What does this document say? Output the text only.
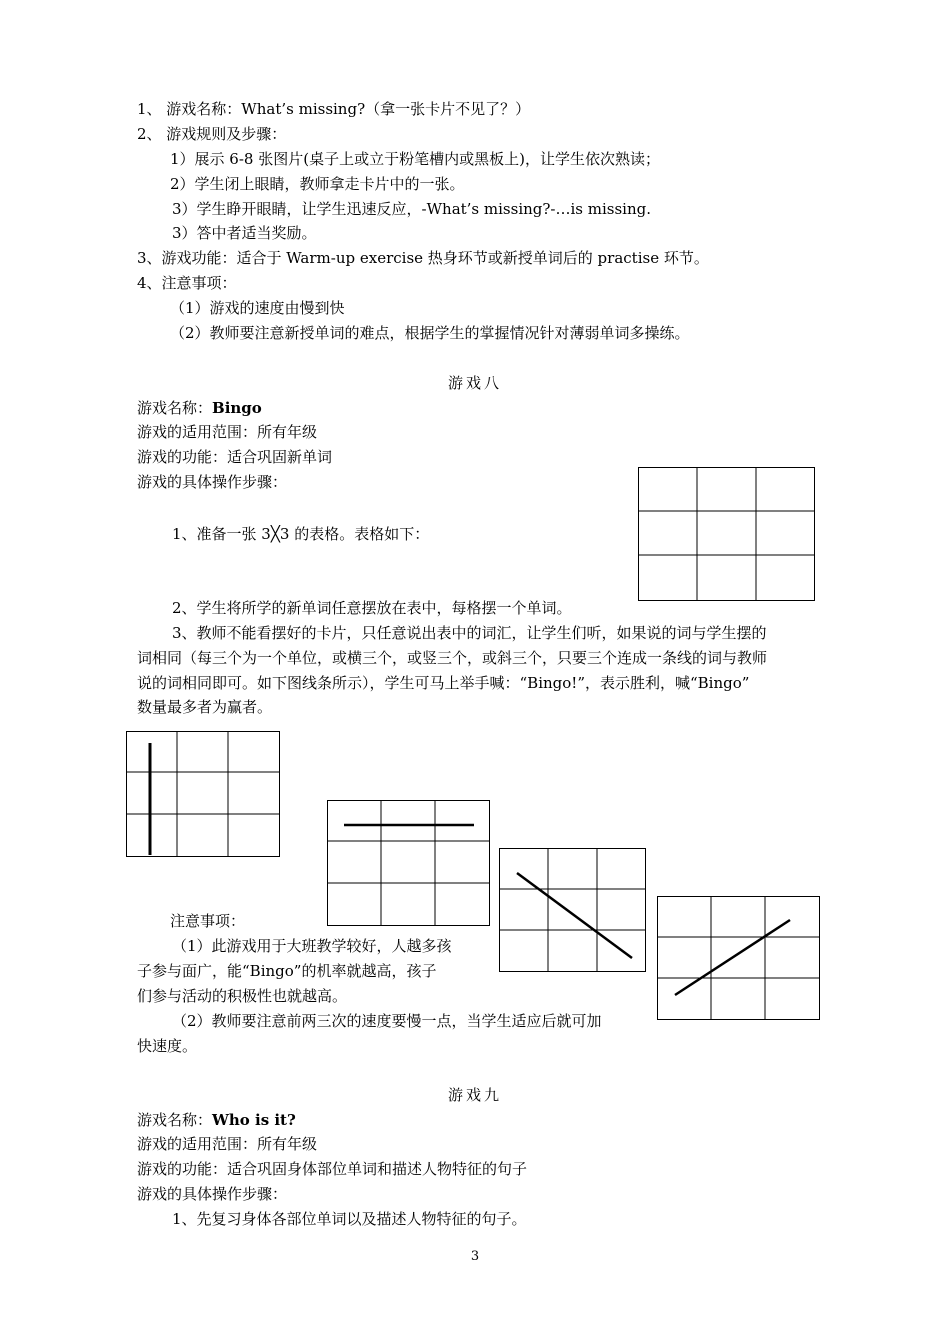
1、 游戏名称：What’s missing?（拿一张卡片不见了？）
2、 游戏规则及步骤：
1）展示 6-8 张图片(桌子上或立于粉笔槽内或黑板上)，让学生依次熟读；
2）学生闭上眼睛，教师拿走卡片中的一张。
3）学生睁开眼睛，让学生迅速反应，-What’s missing?-…is missing.
3）答中者适当奖励。
3、游戏功能：适合于 Warm-up exercise 热身环节或新授单词后的 practise 环节。
4、注意事项：
（1）游戏的速度由慢到快
（2）教师要注意新授单词的难点，根据学生的掌握情况针对薄弱单词多操练。
游戏八
游戏名称：Bingo
游戏的适用范围：所有年级
游戏的功能：适合巩固新单词
游戏的具体操作步骤：
1、准备一张 3╳3 的表格。表格如下：
2、学生将所学的新单词任意摆放在表中，每格摆一个单词。
3、教师不能看摆好的卡片，只任意说出表中的词汇，让学生们听，如果说的词与学生摆的
词相同（每三个为一个单位，或横三个，或竖三个，或斜三个，只要三个连成一条线的词与教师
说的词相同即可。如下图线条所示），学生可马上举手喊：“Bingo!”，表示胜利，喊“Bingo”
数量最多者为赢者。
注意事项：
（1）此游戏用于大班教学较好，人越多孩
子参与面广，能“Bingo”的机率就越高，孩子
们参与活动的积极性也就越高。
（2）教师要注意前两三次的速度要慢一点，当学生适应后就可加
快速度。
游戏九
游戏名称：Who is it?
游戏的适用范围：所有年级
游戏的功能：适合巩固身体部位单词和描述人物特征的句子
游戏的具体操作步骤：
1、先复习身体各部位单词以及描述人物特征的句子。
3
